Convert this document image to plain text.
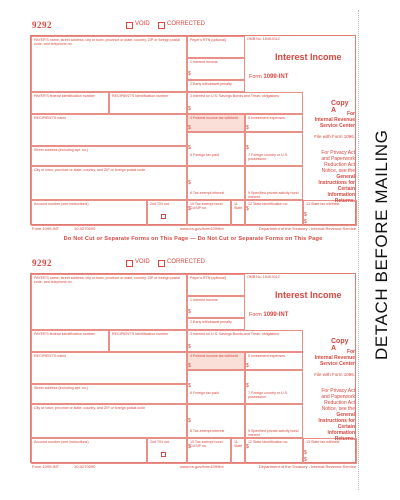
9292	VOID	CORRECTED
PAYER'S name, street address, city or town, province or state, country, ZIP or foreign postal code, and telephone no.
Payer's RTN (optional)
1 Interest income
$
2 Early withdrawal penalty
OMB No. 1545-0112
Interest Income
Form 1099-INT
PAYER'S federal identification number	RECIPIENT'S identification number	3 Interest on U.S. Savings Bonds and Treas. obligations
$
RECIPIENT'S name	4 Federal income tax withheld	5 Investment expenses
$	$
Street address (including apt. no.)
6 Foreign tax paid	7 Foreign country or U.S. possession
$	$
City or town, province or state, country, and ZIP or foreign postal code
8 Tax-exempt interest	9 Specified private activity bond interest
$
$	$
Account number (see instructions)	2nd TIN not.	10 Tax-exempt bond CUSIP no.
11 State
12 State identification no.	13 State tax withheld
$
$
Copy A	For
Internal Revenue
Service Center
File with Form 1096.
For Privacy Act
and Paperwork
Reduction Act
Notice, see the
General
Instructions for
Certain
Information
Returns.
Form 1099-INT	10-0270090	www.irs.gov/form1099int	Department of the Treasury - Internal Revenue Service
Do Not Cut or Separate Forms on This Page — Do Not Cut or Separate Forms on This Page
9292	VOID	CORRECTED
PAYER'S name, street address, city or town, province or state, country, ZIP or foreign postal code, and telephone no.
Payer's RTN (optional)
1 Interest income
$
2 Early withdrawal penalty
OMB No. 1545-0112
Interest Income
Form 1099-INT
PAYER'S federal identification number	RECIPIENT'S identification number	3 Interest on U.S. Savings Bonds and Treas. obligations
$
RECIPIENT'S name	4 Federal income tax withheld	5 Investment expenses
$	$
Street address (including apt. no.)
6 Foreign tax paid	7 Foreign country or U.S. possession
$	$
City or town, province or state, country, and ZIP or foreign postal code
8 Tax-exempt interest	9 Specified private activity bond interest
$
$	$
Account number (see instructions)	2nd TIN not.	10 Tax-exempt bond CUSIP no.
11 State
12 State identification no.	13 State tax withheld
$
$
Copy A	For
Internal Revenue
Service Center
File with Form 1096.
For Privacy Act
and Paperwork
Reduction Act
Notice, see the
General
Instructions for
Certain
Information
Returns.
Form 1099-INT	10-0270090	www.irs.gov/form1099int	Department of the Treasury - Internal Revenue Service
DETACH BEFORE MAILING
